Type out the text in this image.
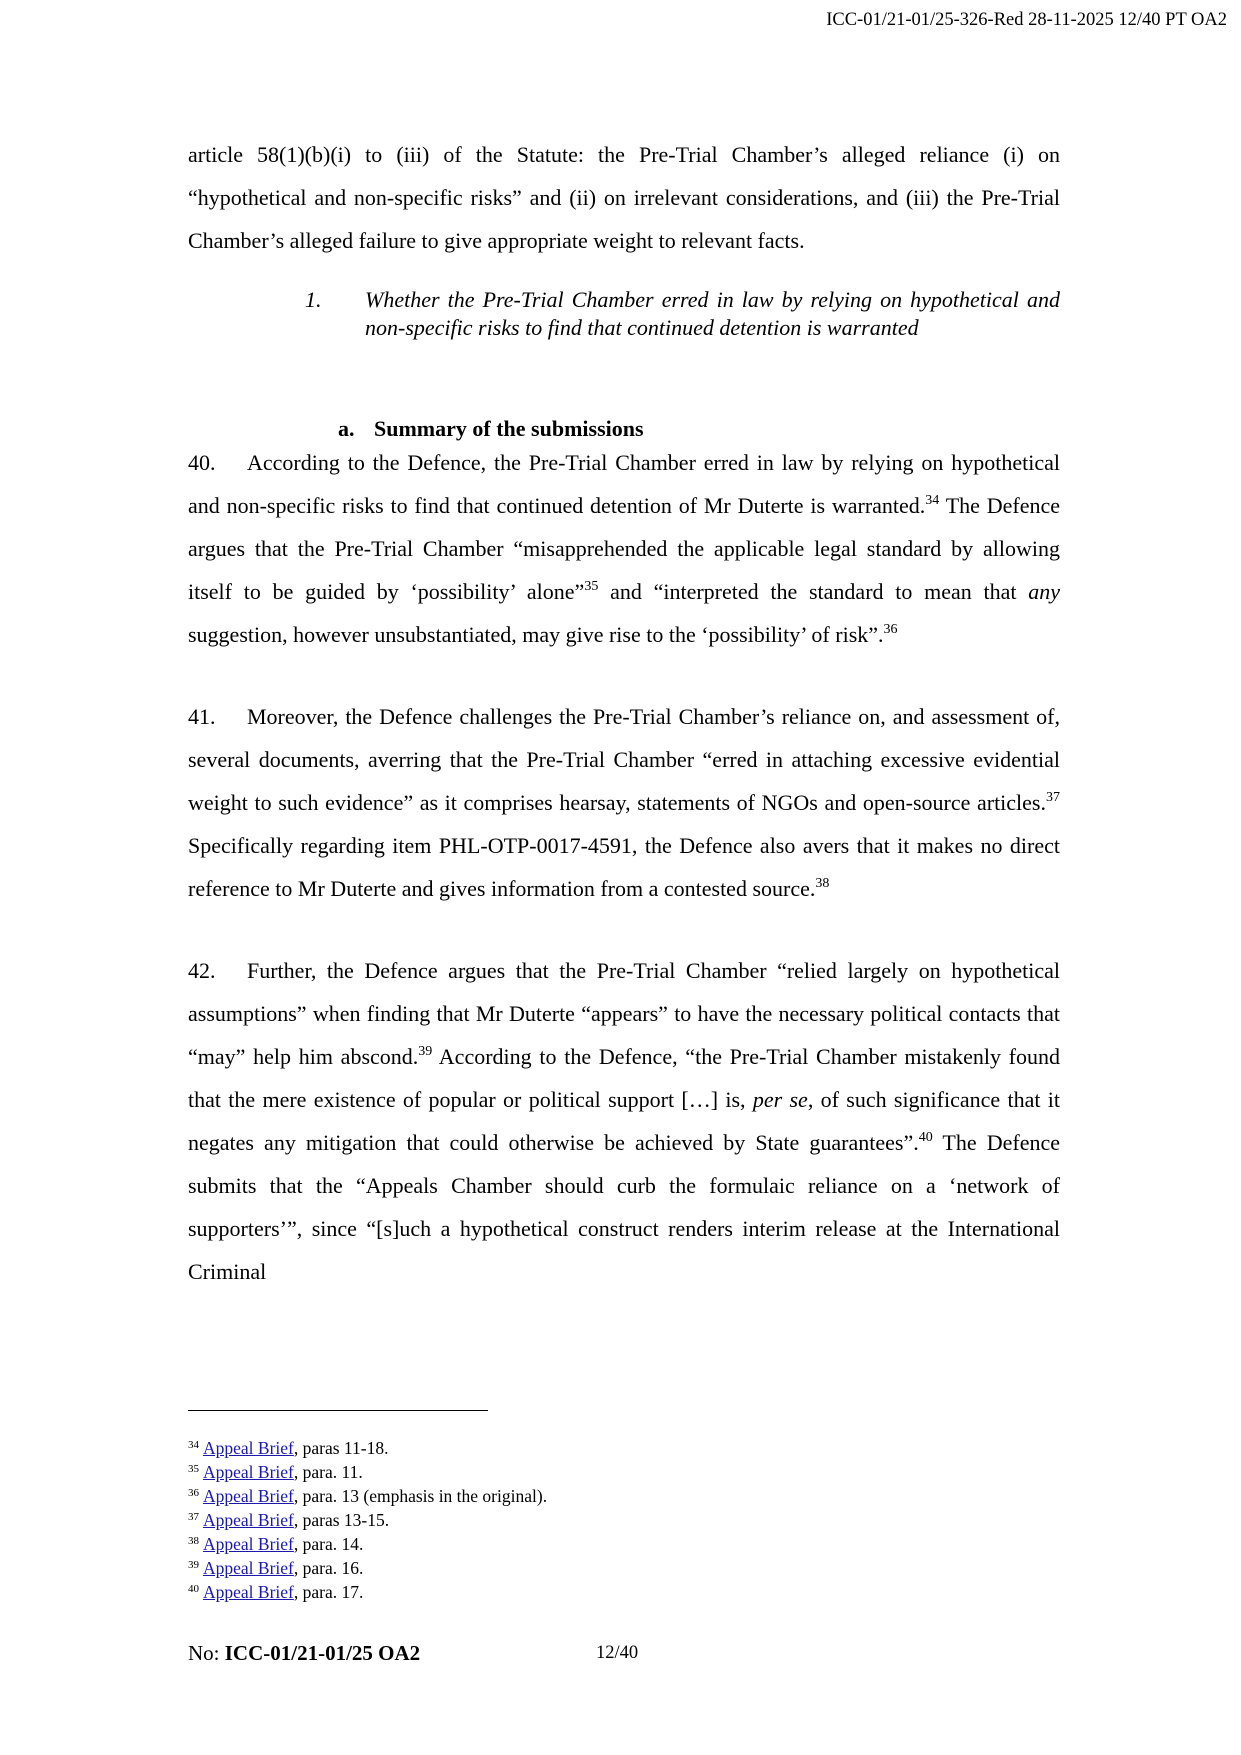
ICC-01/21-01/25-326-Red 28-11-2025 12/40 PT OA2

article 58(1)(b)(i) to (iii) of the Statute: the Pre-Trial Chamber’s alleged reliance (i) on “hypothetical and non-specific risks” and (ii) on irrelevant considerations, and (iii) the Pre-Trial Chamber’s alleged failure to give appropriate weight to relevant facts.

1. Whether the Pre-Trial Chamber erred in law by relying on hypothetical and non-specific risks to find that continued detention is warranted
a. Summary of the submissions

40. According to the Defence, the Pre-Trial Chamber erred in law by relying on hypothetical and non-specific risks to find that continued detention of Mr Duterte is warranted.$^{34}$ The Defence argues that the Pre-Trial Chamber “misapprehended the applicable legal standard by allowing itself to be guided by ‘possibility’ alone”$^{35}$ and “interpreted the standard to mean that any suggestion, however unsubstantiated, may give rise to the ‘possibility’ of risk”.$^{36}$

41. Moreover, the Defence challenges the Pre-Trial Chamber’s reliance on, and assessment of, several documents, averring that the Pre-Trial Chamber “erred in attaching excessive evidential weight to such evidence” as it comprises hearsay, statements of NGOs and open-source articles.$^{37}$ Specifically regarding item PHL-OTP-0017-4591, the Defence also avers that it makes no direct reference to Mr Duterte and gives information from a contested source.$^{38}$

42. Further, the Defence argues that the Pre-Trial Chamber “relied largely on hypothetical assumptions” when finding that Mr Duterte “appears” to have the necessary political contacts that “may” help him abscond.$^{39}$ According to the Defence, “the Pre-Trial Chamber mistakenly found that the mere existence of popular or political support […] is, per se, of such significance that it negates any mitigation that could otherwise be achieved by State guarantees”.$^{40}$ The Defence submits that the “Appeals Chamber should curb the formulaic reliance on a ‘network of supporters’”, since “[s]uch a hypothetical construct renders interim release at the International Criminal

$^{34}$ Appeal Brief, paras 11-18.
$^{35}$ Appeal Brief, para. 11.
$^{36}$ Appeal Brief, para. 13 (emphasis in the original).
$^{37}$ Appeal Brief, paras 13-15.
$^{38}$ Appeal Brief, para. 14.
$^{39}$ Appeal Brief, para. 16.
$^{40}$ Appeal Brief, para. 17.
No: ICC-01/21-01/25 OA2	12/40
